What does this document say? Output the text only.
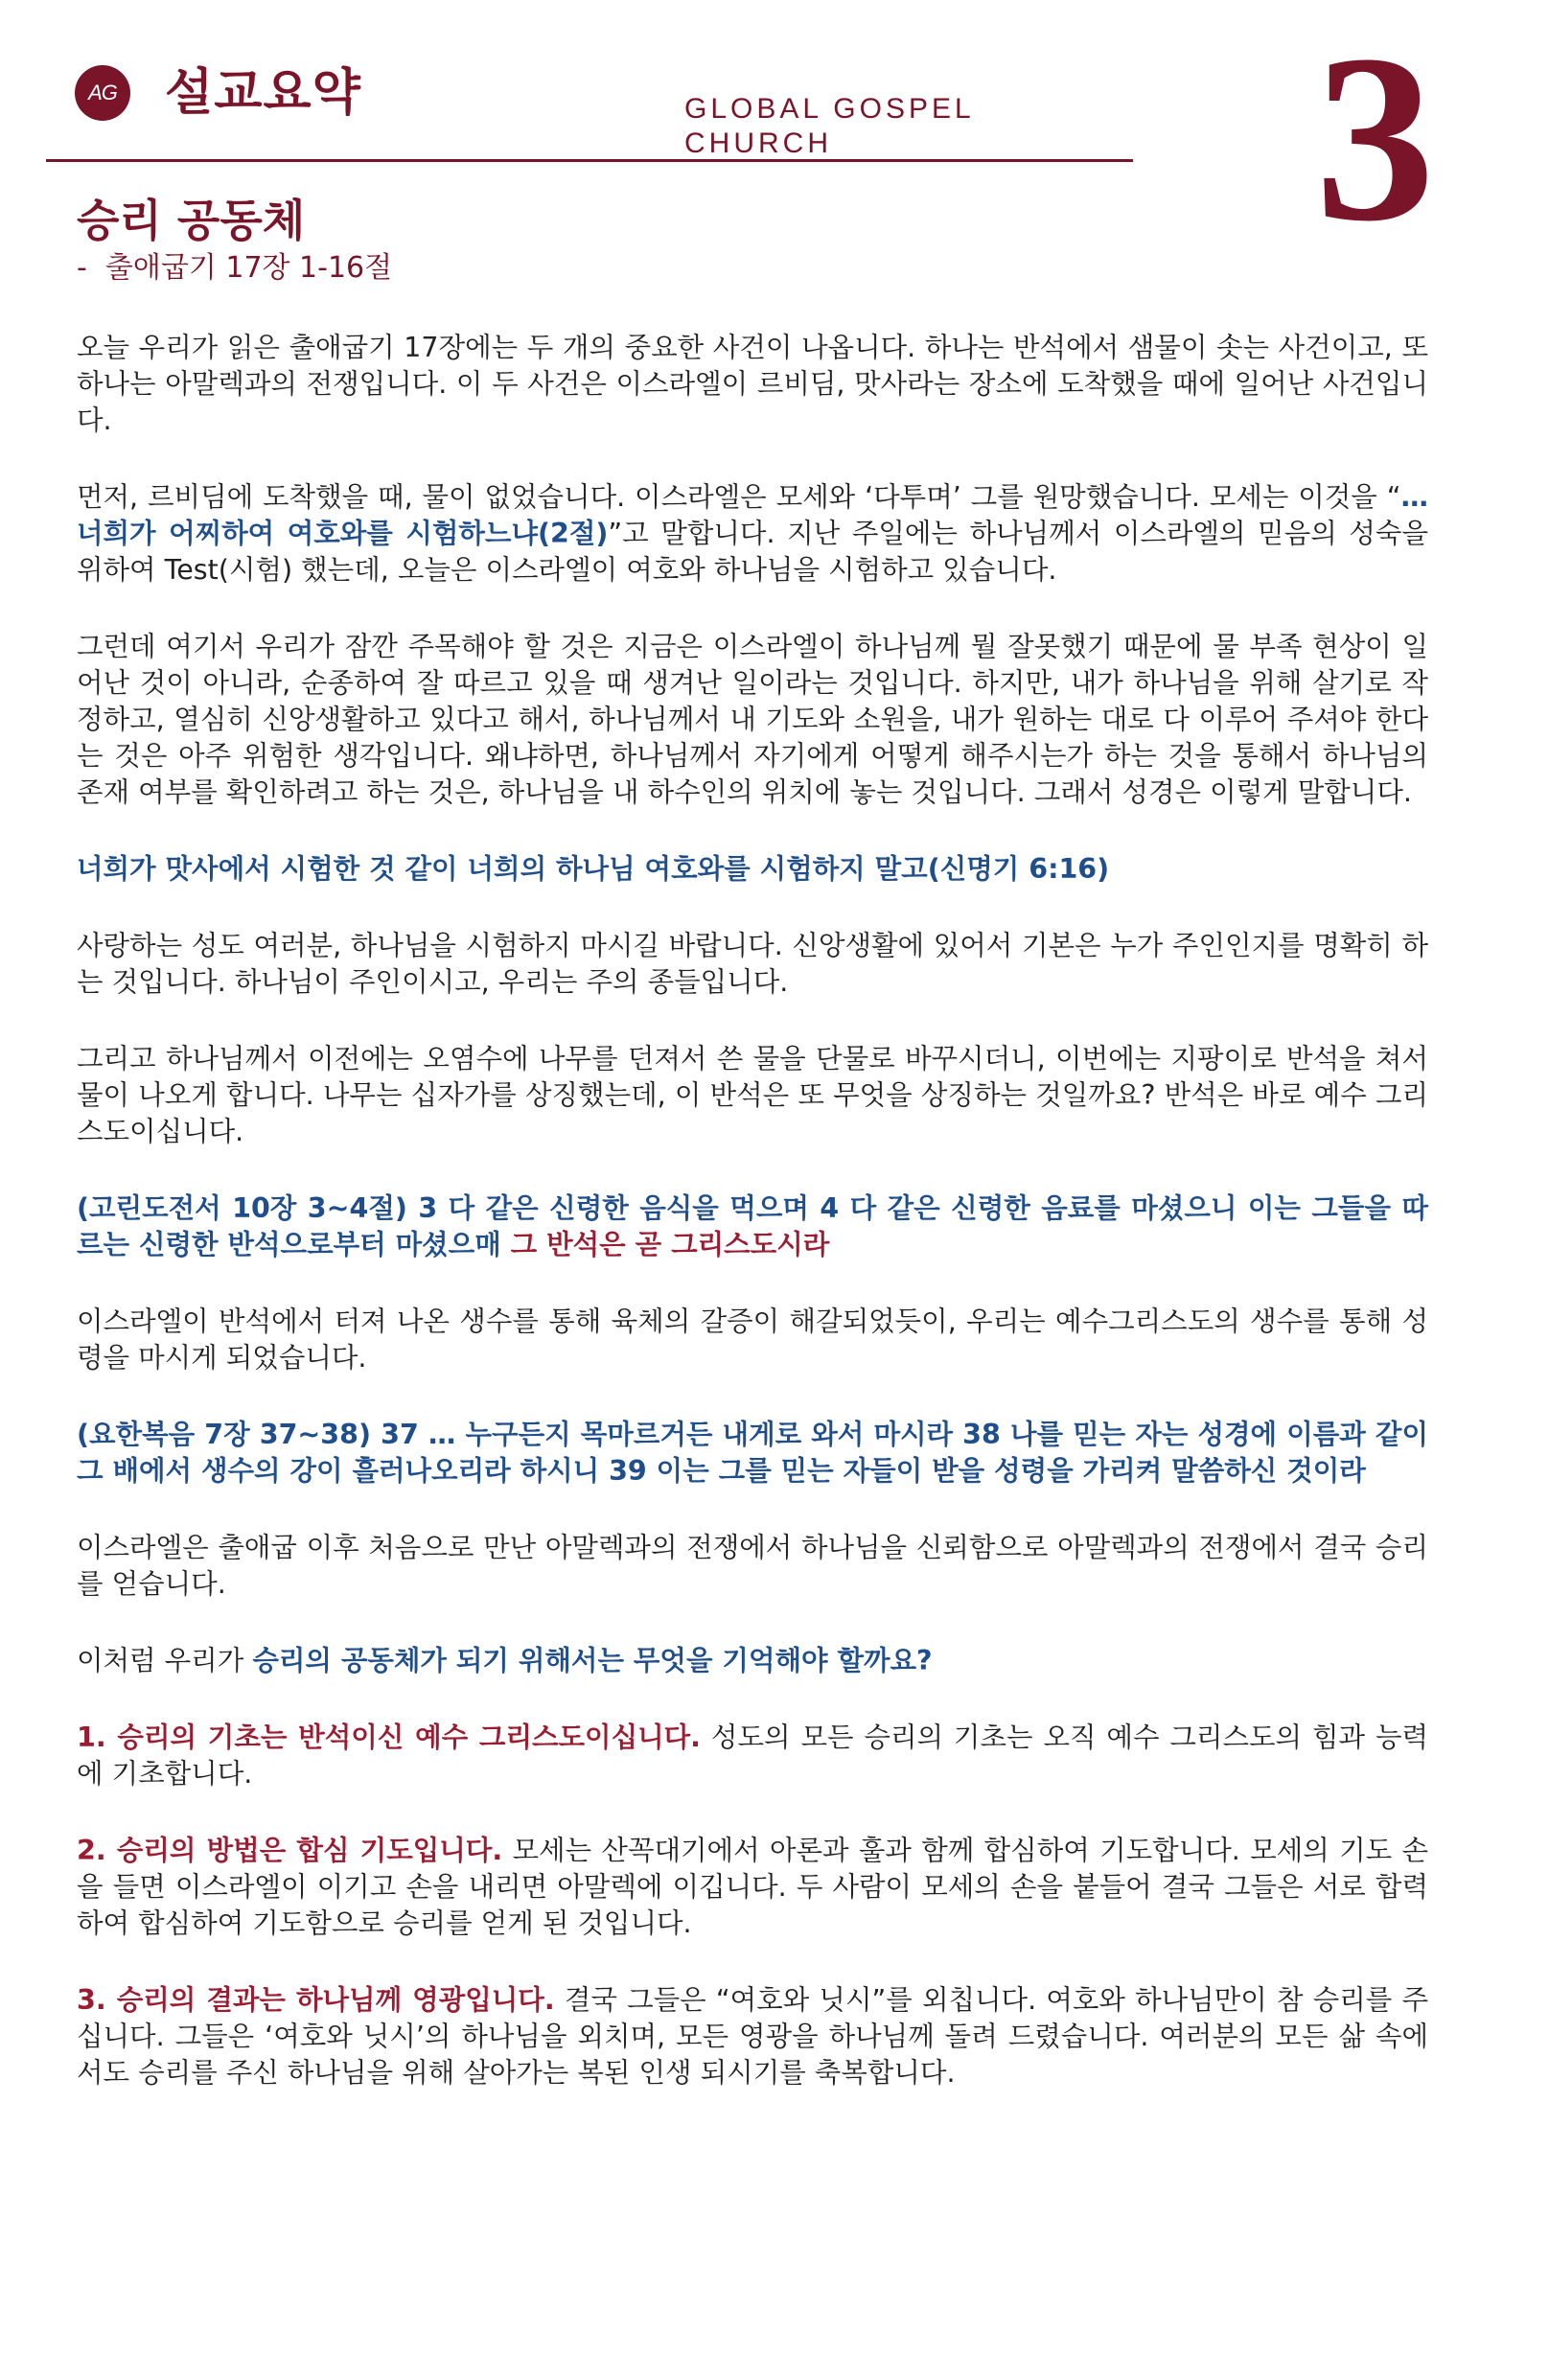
AG 설교요약	GLOBAL GOSPEL CHURCH	3
승리 공동체
-  출애굽기 17장 1-16절

오늘 우리가 읽은 출애굽기 17장에는 두 개의 중요한 사건이 나옵니다. 하나는 반석에서 샘물이 솟는 사건이고, 또 하나는 아말렉과의 전쟁입니다. 이 두 사건은 이스라엘이 르비딤, 맛사라는 장소에 도착했을 때에 일어난 사건입니다.

먼저, 르비딤에 도착했을 때, 물이 없었습니다. 이스라엘은 모세와 ‘다투며’ 그를 원망했습니다. 모세는 이것을 “… 너희가 어찌하여 여호와를 시험하느냐(2절)”고 말합니다. 지난 주일에는 하나님께서 이스라엘의 믿음의 성숙을 위하여 Test(시험) 했는데, 오늘은 이스라엘이 여호와 하나님을 시험하고 있습니다.

그런데 여기서 우리가 잠깐 주목해야 할 것은 지금은 이스라엘이 하나님께 뭘 잘못했기 때문에 물 부족 현상이 일어난 것이 아니라, 순종하여 잘 따르고 있을 때 생겨난 일이라는 것입니다. 하지만, 내가 하나님을 위해 살기로 작정하고, 열심히 신앙생활하고 있다고 해서, 하나님께서 내 기도와 소원을, 내가 원하는 대로 다 이루어 주셔야 한다는 것은 아주 위험한 생각입니다. 왜냐하면, 하나님께서 자기에게 어떻게 해주시는가 하는 것을 통해서 하나님의 존재 여부를 확인하려고 하는 것은, 하나님을 내 하수인의 위치에 놓는 것입니다. 그래서 성경은 이렇게 말합니다.

너희가 맛사에서 시험한 것 같이 너희의 하나님 여호와를 시험하지 말고(신명기 6:16)

사랑하는 성도 여러분, 하나님을 시험하지 마시길 바랍니다. 신앙생활에 있어서 기본은 누가 주인인지를 명확히 하는 것입니다. 하나님이 주인이시고, 우리는 주의 종들입니다.

그리고 하나님께서 이전에는 오염수에 나무를 던져서 쓴 물을 단물로 바꾸시더니, 이번에는 지팡이로 반석을 쳐서 물이 나오게 합니다. 나무는 십자가를 상징했는데, 이 반석은 또 무엇을 상징하는 것일까요? 반석은 바로 예수 그리스도이십니다.

(고린도전서 10장 3~4절) 3 다 같은 신령한 음식을 먹으며 4 다 같은 신령한 음료를 마셨으니 이는 그들을 따르는 신령한 반석으로부터 마셨으매 그 반석은 곧 그리스도시라

이스라엘이 반석에서 터져 나온 생수를 통해 육체의 갈증이 해갈되었듯이, 우리는 예수그리스도의 생수를 통해 성령을 마시게 되었습니다.

(요한복음 7장 37~38) 37 … 누구든지 목마르거든 내게로 와서 마시라 38 나를 믿는 자는 성경에 이름과 같이 그 배에서 생수의 강이 흘러나오리라 하시니 39 이는 그를 믿는 자들이 받을 성령을 가리켜 말씀하신 것이라

이스라엘은 출애굽 이후 처음으로 만난 아말렉과의 전쟁에서 하나님을 신뢰함으로 아말렉과의 전쟁에서 결국 승리를 얻습니다.

이처럼 우리가 승리의 공동체가 되기 위해서는 무엇을 기억해야 할까요?

1. 승리의 기초는 반석이신 예수 그리스도이십니다. 성도의 모든 승리의 기초는 오직 예수 그리스도의 힘과 능력에 기초합니다.

2. 승리의 방법은 합심 기도입니다. 모세는 산꼭대기에서 아론과 훌과 함께 합심하여 기도합니다. 모세의 기도 손을 들면 이스라엘이 이기고 손을 내리면 아말렉에 이깁니다. 두 사람이 모세의 손을 붙들어 결국 그들은 서로 합력하여 합심하여 기도함으로 승리를 얻게 된 것입니다.

3. 승리의 결과는 하나님께 영광입니다. 결국 그들은 “여호와 닛시”를 외칩니다. 여호와 하나님만이 참 승리를 주십니다. 그들은 ‘여호와 닛시’의 하나님을 외치며, 모든 영광을 하나님께 돌려 드렸습니다. 여러분의 모든 삶 속에서도 승리를 주신 하나님을 위해 살아가는 복된 인생 되시기를 축복합니다.
